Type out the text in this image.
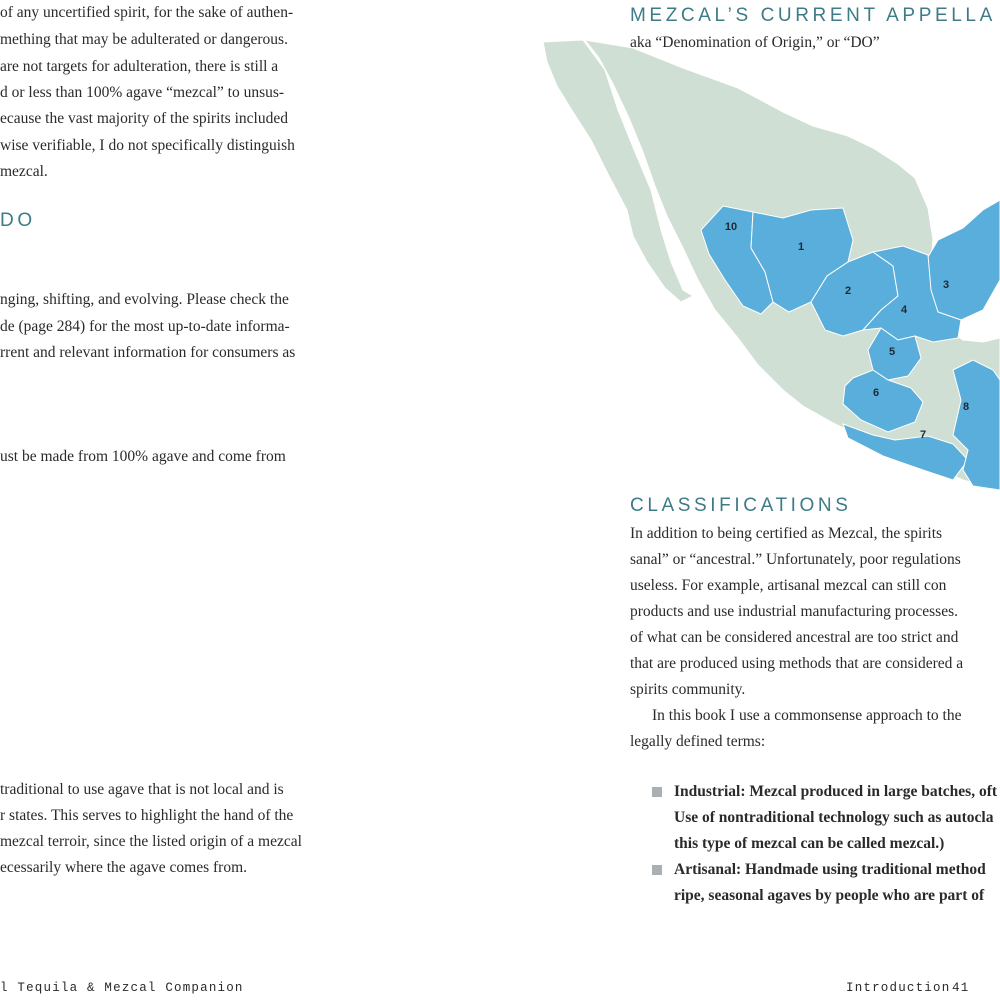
of any uncertified spirit, for the sake of authen-
mething that may be adulterated or dangerous.
are not targets for adulteration, there is still a
d or less than 100% agave “mezcal” to unsus-
ecause the vast majority of the spirits included
wise verifiable, I do not specifically distinguish
mezcal.
DO
nging, shifting, and evolving. Please check the
de (page 284) for the most up-to-date informa-
rrent and relevant information for consumers as
ust be made from 100% agave and come from
traditional to use agave that is not local and is
r states. This serves to highlight the hand of the
mezcal terroir, since the listed origin of a mezcal
ecessarily where the agave comes from.
l Tequila & Mezcal Companion
MEZCAL’S CURRENT APPELLA
aka “Denomination of Origin,” or “DO”
CLASSIFICATIONS
In addition to being certified as Mezcal, the spirits
sanal” or “ancestral.” Unfortunately, poor regulations
useless. For example, artisanal mezcal can still con
products and use industrial manufacturing processes.
of what can be considered ancestral are too strict and
that are produced using methods that are considered a
spirits community.
In this book I use a commonsense approach to the
legally defined terms:
Industrial: Mezcal produced in large batches, oft
Use of nontraditional technology such as autocla
this type of mezcal can be called mezcal.)
Artisanal: Handmade using traditional method
ripe, seasonal agaves by people who are part of
Introduction 41
1
2	3
4
5
6
7
8
10
